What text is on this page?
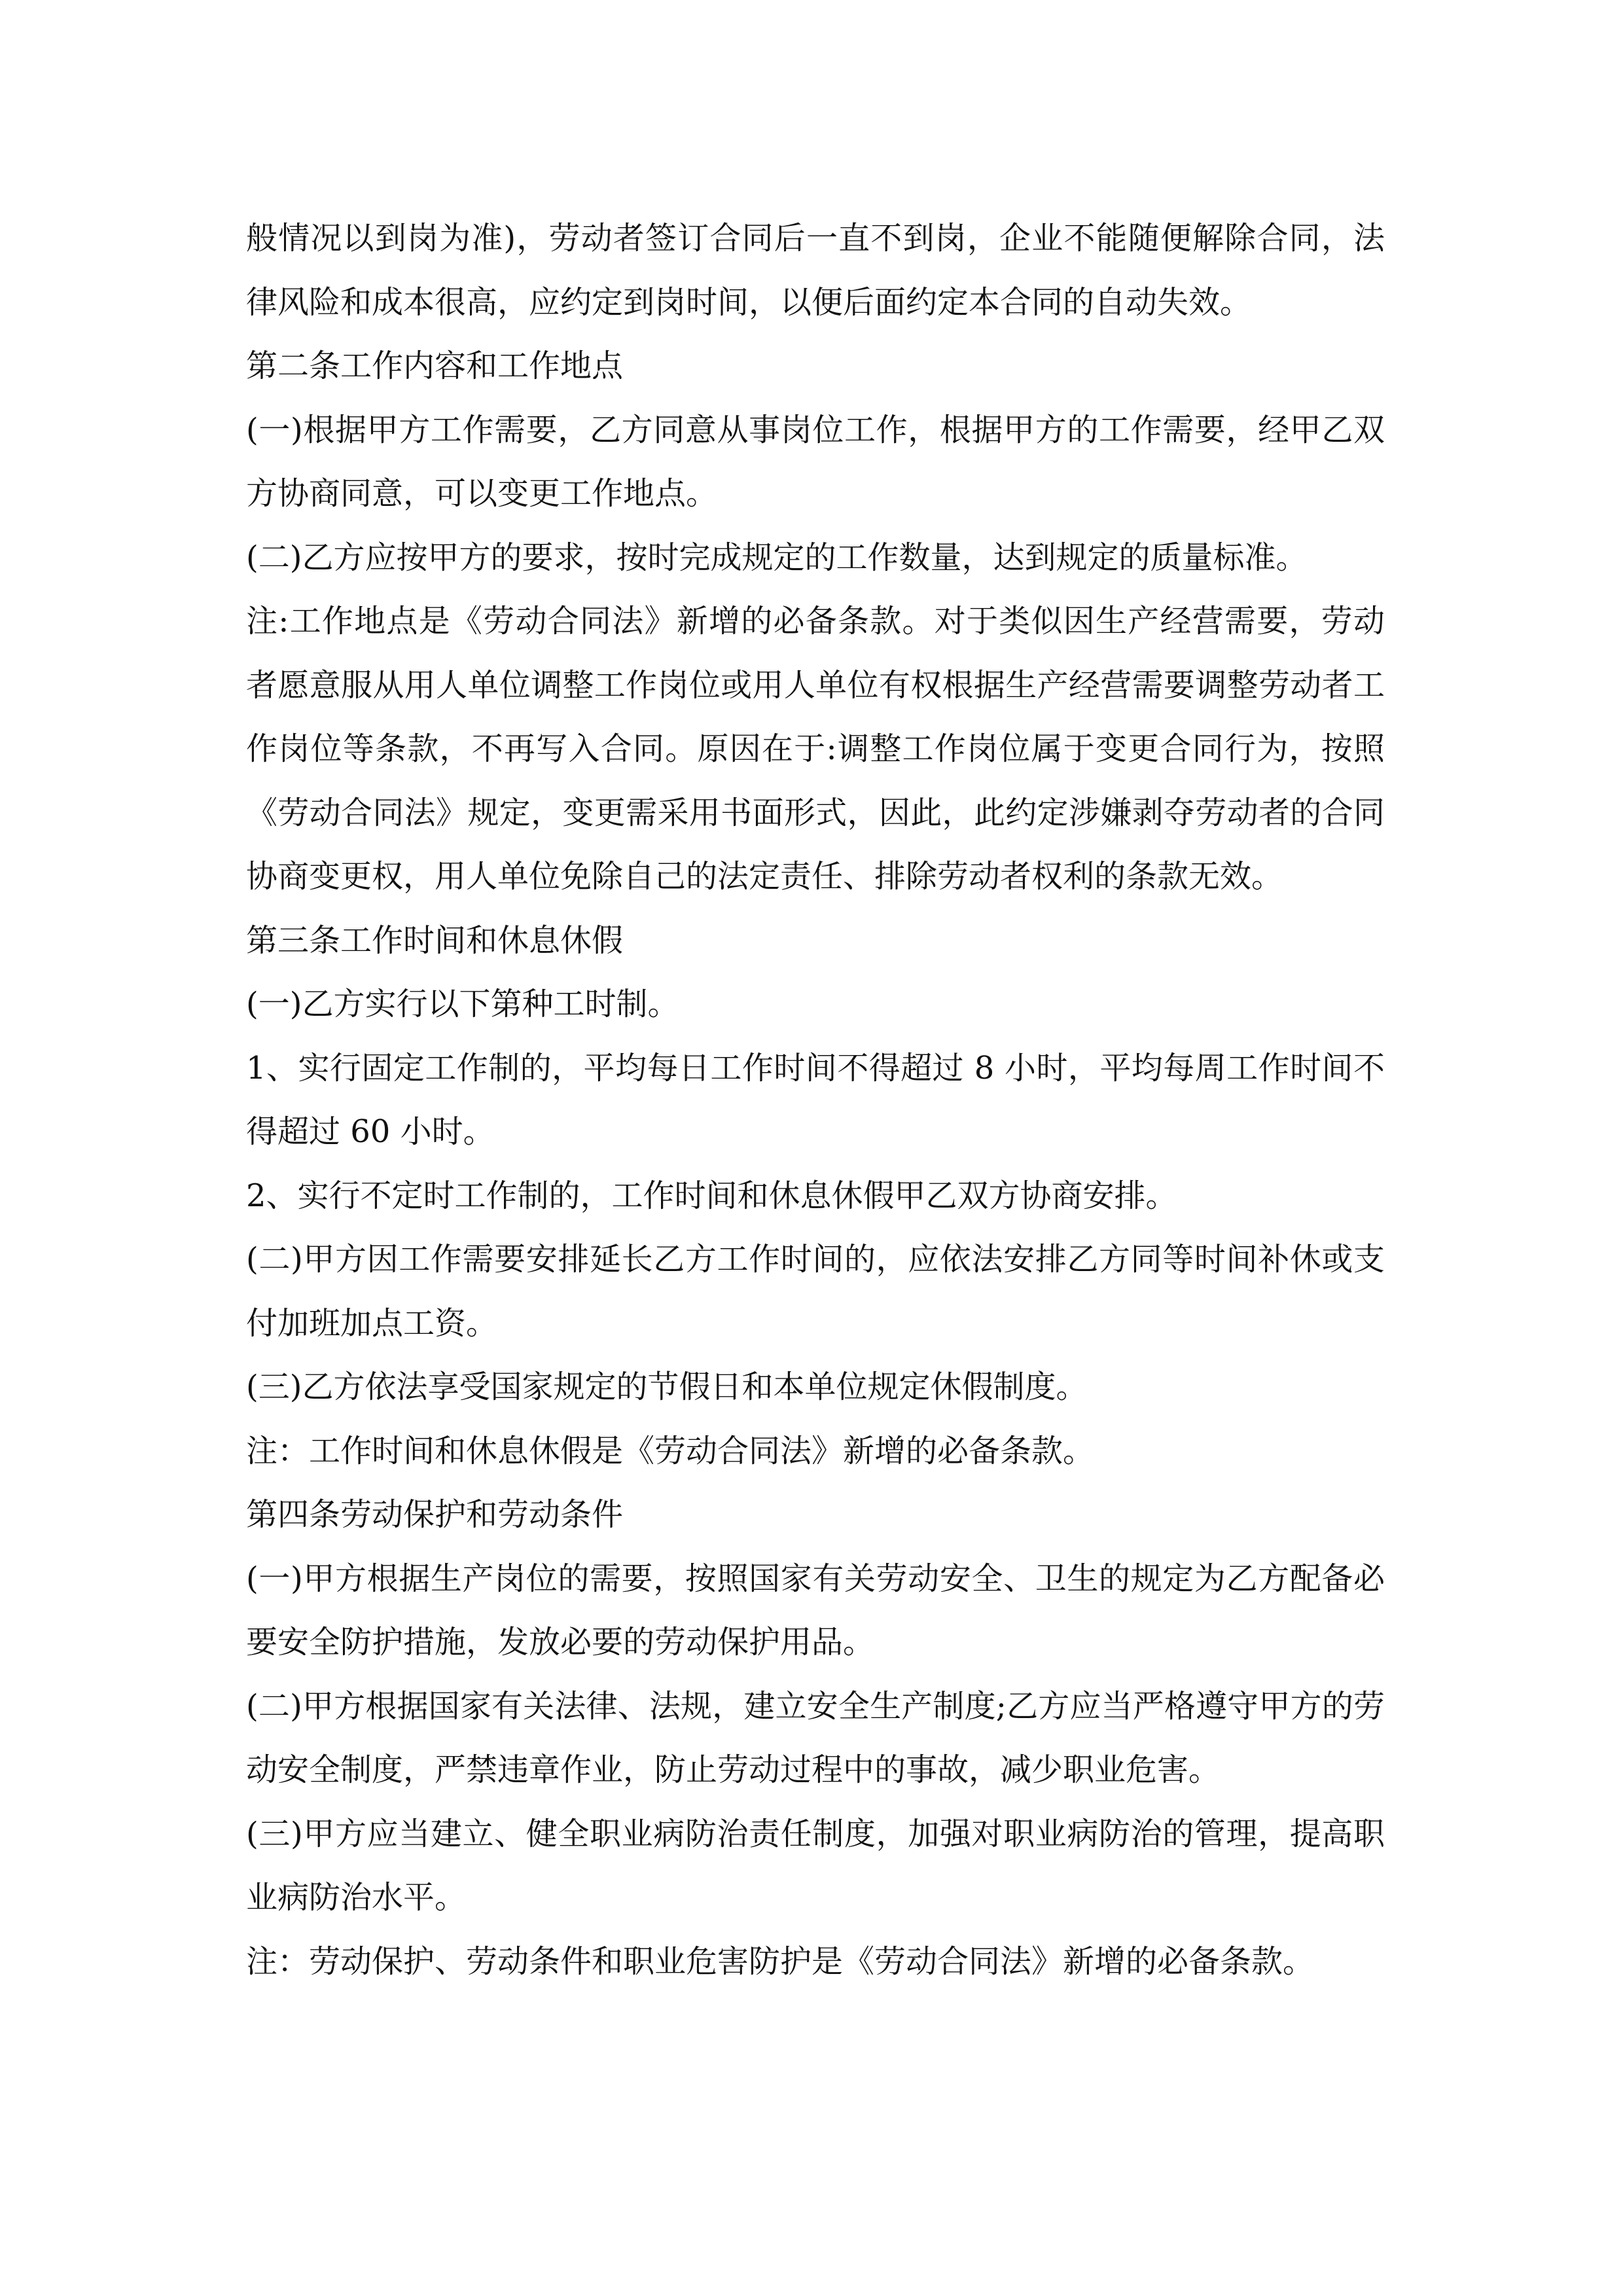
般情况以到岗为准)，劳动者签订合同后一直不到岗，企业不能随便解除合同，法律风险和成本很高，应约定到岗时间，以便后面约定本合同的自动失效。

第二条工作内容和工作地点

(一)根据甲方工作需要，乙方同意从事岗位工作，根据甲方的工作需要，经甲乙双方协商同意，可以变更工作地点。

(二)乙方应按甲方的要求，按时完成规定的工作数量，达到规定的质量标准。

注:工作地点是《劳动合同法》新增的必备条款。对于类似因生产经营需要，劳动者愿意服从用人单位调整工作岗位或用人单位有权根据生产经营需要调整劳动者工作岗位等条款，不再写入合同。原因在于:调整工作岗位属于变更合同行为，按照《劳动合同法》规定，变更需采用书面形式，因此，此约定涉嫌剥夺劳动者的合同协商变更权，用人单位免除自己的法定责任、排除劳动者权利的条款无效。

第三条工作时间和休息休假

(一)乙方实行以下第种工时制。

1、实行固定工作制的，平均每日工作时间不得超过 8 小时，平均每周工作时间不得超过 60 小时。

2、实行不定时工作制的，工作时间和休息休假甲乙双方协商安排。

(二)甲方因工作需要安排延长乙方工作时间的，应依法安排乙方同等时间补休或支付加班加点工资。

(三)乙方依法享受国家规定的节假日和本单位规定休假制度。

注：工作时间和休息休假是《劳动合同法》新增的必备条款。

第四条劳动保护和劳动条件

(一)甲方根据生产岗位的需要，按照国家有关劳动安全、卫生的规定为乙方配备必要安全防护措施，发放必要的劳动保护用品。

(二)甲方根据国家有关法律、法规，建立安全生产制度;乙方应当严格遵守甲方的劳动安全制度，严禁违章作业，防止劳动过程中的事故，减少职业危害。

(三)甲方应当建立、健全职业病防治责任制度，加强对职业病防治的管理，提高职业病防治水平。

注：劳动保护、劳动条件和职业危害防护是《劳动合同法》新增的必备条款。
